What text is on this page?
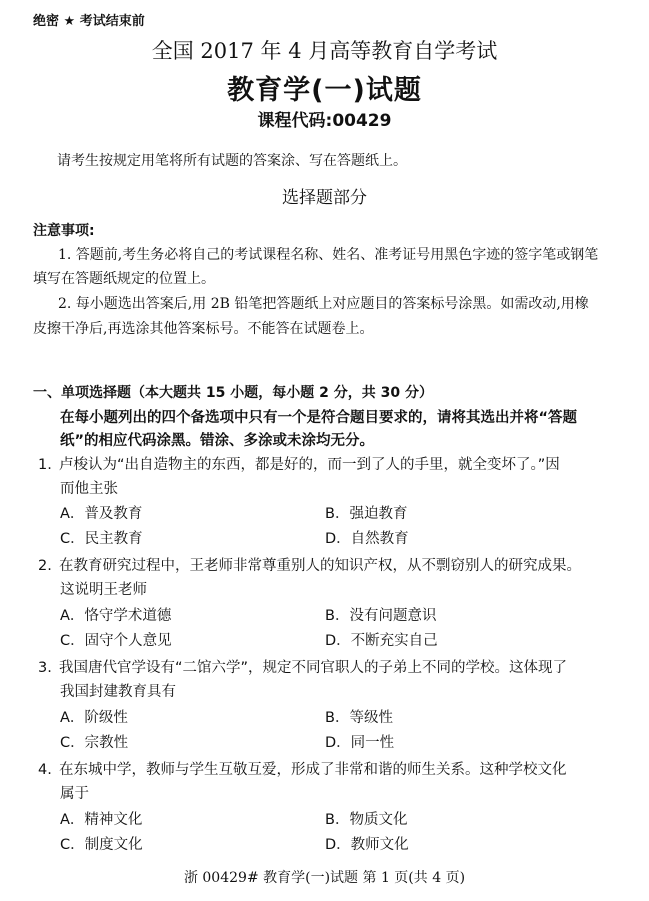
绝密 ★ 考试结束前
全国 2017 年 4 月高等教育自学考试
教育学(一)试题
课程代码:00429
请考生按规定用笔将所有试题的答案涂、写在答题纸上。
选择题部分
注意事项:
1. 答题前,考生务必将自己的考试课程名称、姓名、准考证号用黑色字迹的签字笔或钢笔
填写在答题纸规定的位置上。
2. 每小题选出答案后,用 2B 铅笔把答题纸上对应题目的答案标号涂黑。如需改动,用橡
皮擦干净后,再选涂其他答案标号。不能答在试题卷上。
一、单项选择题（本大题共 15 小题，每小题 2 分，共 30 分）
在每小题列出的四个备选项中只有一个是符合题目要求的，请将其选出并将“答题
纸”的相应代码涂黑。错涂、多涂或未涂均无分。
1. 卢梭认为“出自造物主的东西，都是好的，而一到了人的手里，就全变坏了。”因
而他主张
A．普及教育	B．强迫教育
C．民主教育	D．自然教育
2. 在教育研究过程中，王老师非常尊重别人的知识产权，从不剽窃别人的研究成果。
这说明王老师
A．恪守学术道德	B．没有问题意识
C．固守个人意见	D．不断充实自己
3. 我国唐代官学设有“二馆六学”，规定不同官职人的子弟上不同的学校。这体现了
我国封建教育具有
A．阶级性	B．等级性
C．宗教性	D．同一性
4. 在东城中学，教师与学生互敬互爱，形成了非常和谐的师生关系。这种学校文化
属于
A．精神文化	B．物质文化
C．制度文化	D．教师文化
浙 00429# 教育学(一)试题 第 1 页(共 4 页)
